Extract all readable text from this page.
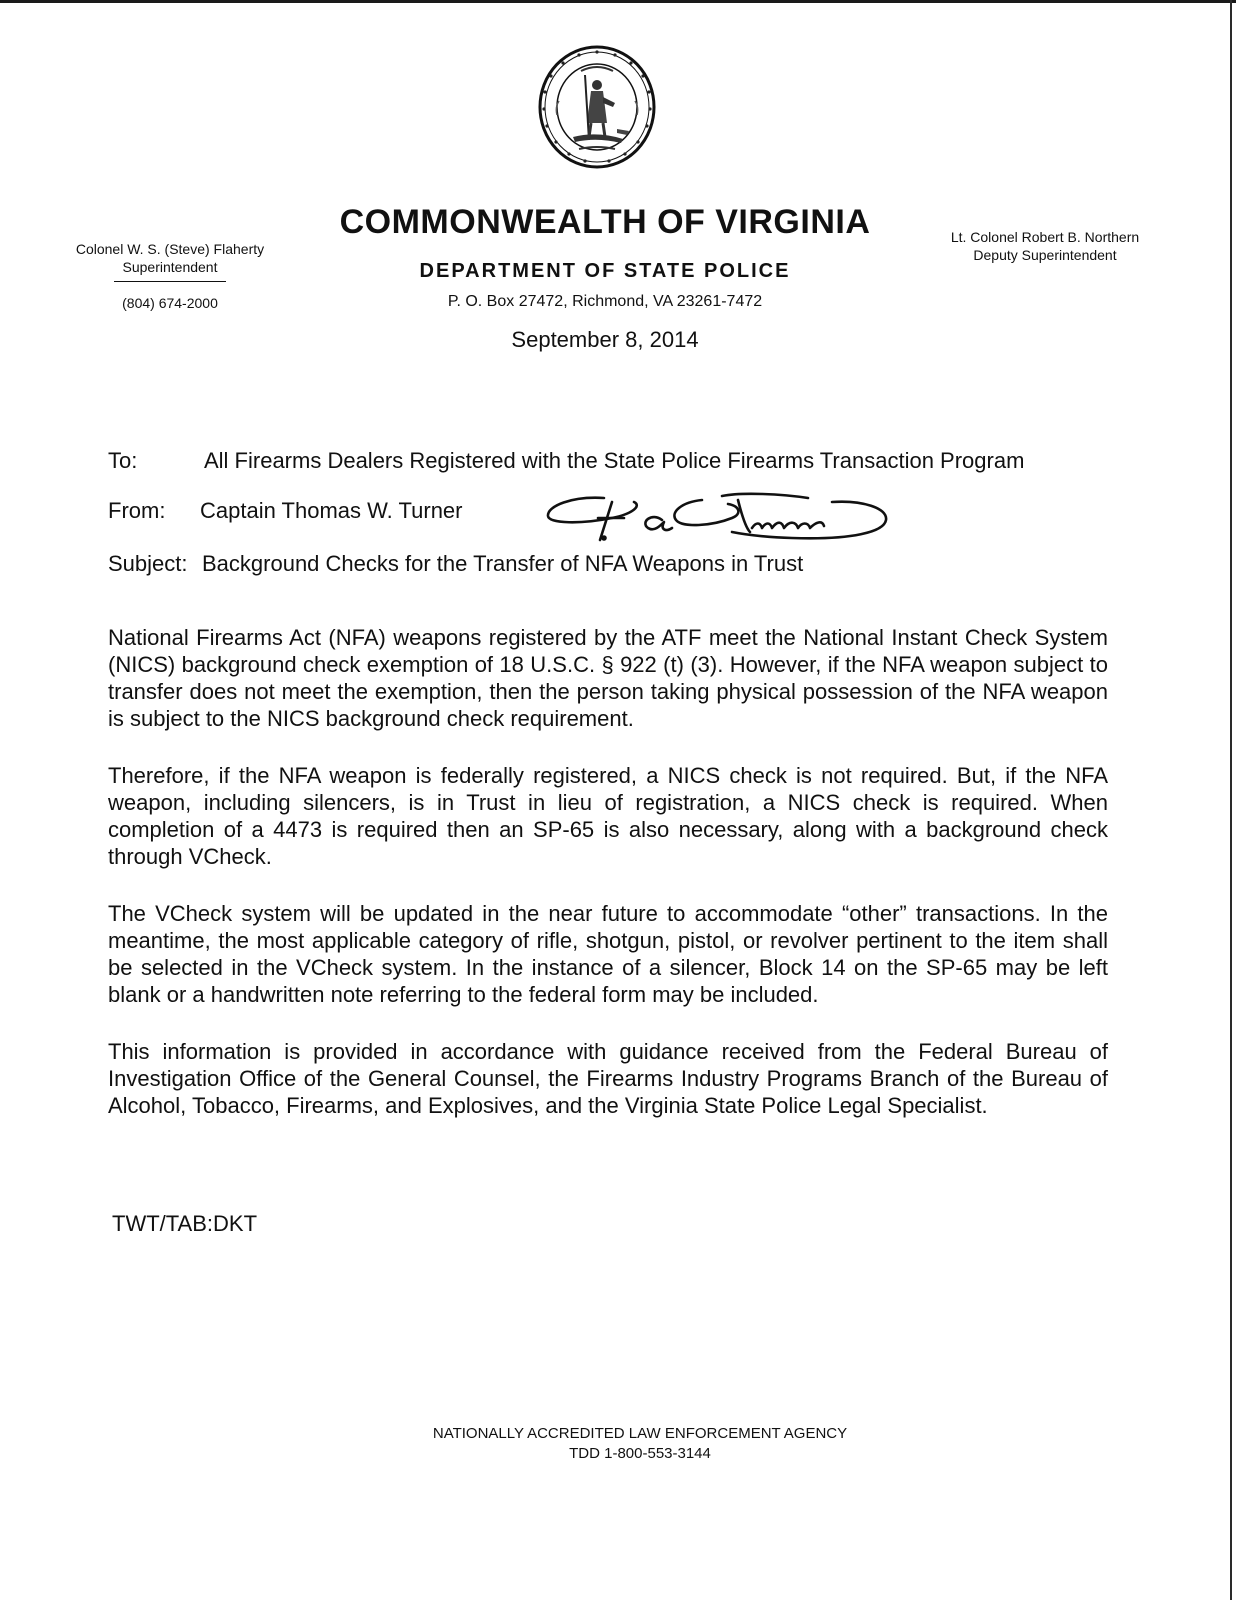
Colonel W. S. (Steve) Flaherty
Superintendent
(804) 674-2000
COMMONWEALTH OF VIRGINIA
DEPARTMENT OF STATE POLICE
P. O. Box 27472, Richmond, VA 23261-7472
September 8, 2014
Lt. Colonel Robert B. Northern
Deputy Superintendent
To:	All Firearms Dealers Registered with the State Police Firearms Transaction Program
From: Captain Thomas W. Turner
Subject: Background Checks for the Transfer of NFA Weapons in Trust

National Firearms Act (NFA) weapons registered by the ATF meet the National Instant Check System (NICS) background check exemption of 18 U.S.C. § 922 (t) (3). However, if the NFA weapon subject to transfer does not meet the exemption, then the person taking physical possession of the NFA weapon is subject to the NICS background check requirement.

Therefore, if the NFA weapon is federally registered, a NICS check is not required. But, if the NFA weapon, including silencers, is in Trust in lieu of registration, a NICS check is required. When completion of a 4473 is required then an SP-65 is also necessary, along with a background check through VCheck.

The VCheck system will be updated in the near future to accommodate “other” transactions. In the meantime, the most applicable category of rifle, shotgun, pistol, or revolver pertinent to the item shall be selected in the VCheck system. In the instance of a silencer, Block 14 on the SP-65 may be left blank or a handwritten note referring to the federal form may be included.

This information is provided in accordance with guidance received from the Federal Bureau of Investigation Office of the General Counsel, the Firearms Industry Programs Branch of the Bureau of Alcohol, Tobacco, Firearms, and Explosives, and the Virginia State Police Legal Specialist.

TWT/TAB:DKT
NATIONALLY ACCREDITED LAW ENFORCEMENT AGENCY
TDD 1-800-553-3144
